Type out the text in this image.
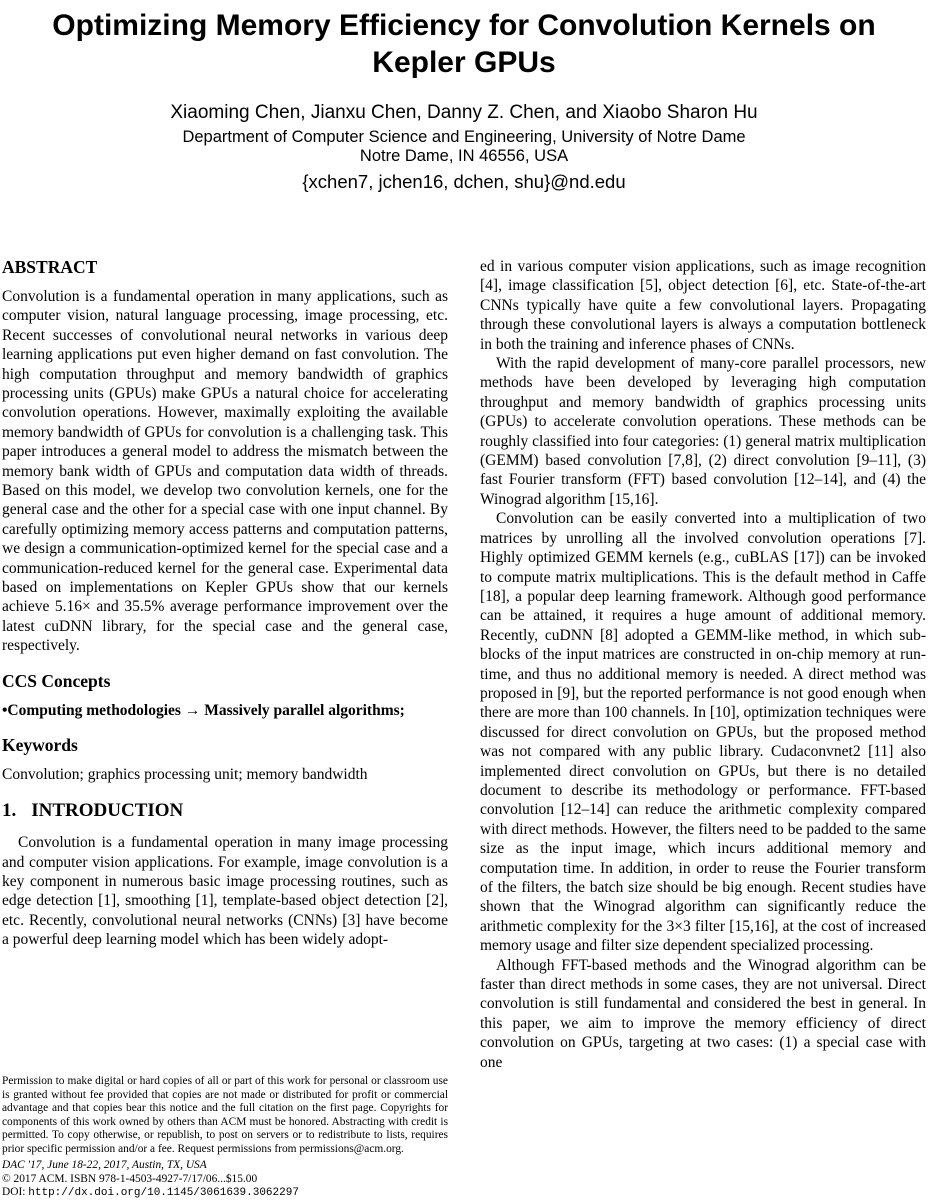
Optimizing Memory Efficiency for Convolution Kernels on Kepler GPUs
Xiaoming Chen, Jianxu Chen, Danny Z. Chen, and Xiaobo Sharon Hu
Department of Computer Science and Engineering, University of Notre Dame
Notre Dame, IN 46556, USA
{xchen7, jchen16, dchen, shu}@nd.edu
ABSTRACT

Convolution is a fundamental operation in many applications, such as computer vision, natural language processing, image processing, etc. Recent successes of convolutional neural networks in various deep learning applications put even higher demand on fast convolution. The high computation throughput and memory bandwidth of graphics processing units (GPUs) make GPUs a natural choice for accelerating convolution operations. However, maximally exploiting the available memory bandwidth of GPUs for convolution is a challenging task. This paper introduces a general model to address the mismatch between the memory bank width of GPUs and computation data width of threads. Based on this model, we develop two convolution kernels, one for the general case and the other for a special case with one input channel. By carefully optimizing memory access patterns and computation patterns, we design a communication-optimized kernel for the special case and a communication-reduced kernel for the general case. Experimental data based on implementations on Kepler GPUs show that our kernels achieve 5.16× and 35.5% average performance improvement over the latest cuDNN library, for the special case and the general case, respectively.

CCS Concepts

•Computing methodologies → Massively parallel algorithms;

Keywords

Convolution; graphics processing unit; memory bandwidth

1. INTRODUCTION

Convolution is a fundamental operation in many image processing and computer vision applications. For example, image convolution is a key component in numerous basic image processing routines, such as edge detection [1], smoothing [1], template-based object detection [2], etc. Recently, convolutional neural networks (CNNs) [3] have become a powerful deep learning model which has been widely adopt-

Permission to make digital or hard copies of all or part of this work for personal or classroom use is granted without fee provided that copies are not made or distributed for profit or commercial advantage and that copies bear this notice and the full citation on the first page. Copyrights for components of this work owned by others than ACM must be honored. Abstracting with credit is permitted. To copy otherwise, or republish, to post on servers or to redistribute to lists, requires prior specific permission and/or a fee. Request permissions from permissions@acm.org.

DAC '17, June 18-22, 2017, Austin, TX, USA

© 2017 ACM. ISBN 978-1-4503-4927-7/17/06...$15.00

DOI: http://dx.doi.org/10.1145/3061639.3062297

ed in various computer vision applications, such as image recognition [4], image classification [5], object detection [6], etc. State-of-the-art CNNs typically have quite a few convolutional layers. Propagating through these convolutional layers is always a computation bottleneck in both the training and inference phases of CNNs.

With the rapid development of many-core parallel processors, new methods have been developed by leveraging high computation throughput and memory bandwidth of graphics processing units (GPUs) to accelerate convolution operations. These methods can be roughly classified into four categories: (1) general matrix multiplication (GEMM) based convolution [7,8], (2) direct convolution [9–11], (3) fast Fourier transform (FFT) based convolution [12–14], and (4) the Winograd algorithm [15,16].

Convolution can be easily converted into a multiplication of two matrices by unrolling all the involved convolution operations [7]. Highly optimized GEMM kernels (e.g., cuBLAS [17]) can be invoked to compute matrix multiplications. This is the default method in Caffe [18], a popular deep learning framework. Although good performance can be attained, it requires a huge amount of additional memory. Recently, cuDNN [8] adopted a GEMM-like method, in which sub-blocks of the input matrices are constructed in on-chip memory at run-time, and thus no additional memory is needed. A direct method was proposed in [9], but the reported performance is not good enough when there are more than 100 channels. In [10], optimization techniques were discussed for direct convolution on GPUs, but the proposed method was not compared with any public library. Cudaconvnet2 [11] also implemented direct convolution on GPUs, but there is no detailed document to describe its methodology or performance. FFT-based convolution [12–14] can reduce the arithmetic complexity compared with direct methods. However, the filters need to be padded to the same size as the input image, which incurs additional memory and computation time. In addition, in order to reuse the Fourier transform of the filters, the batch size should be big enough. Recent studies have shown that the Winograd algorithm can significantly reduce the arithmetic complexity for the 3×3 filter [15,16], at the cost of increased memory usage and filter size dependent specialized processing.

Although FFT-based methods and the Winograd algorithm can be faster than direct methods in some cases, they are not universal. Direct convolution is still fundamental and considered the best in general. In this paper, we aim to improve the memory efficiency of direct convolution on GPUs, targeting at two cases: (1) a special case with one
